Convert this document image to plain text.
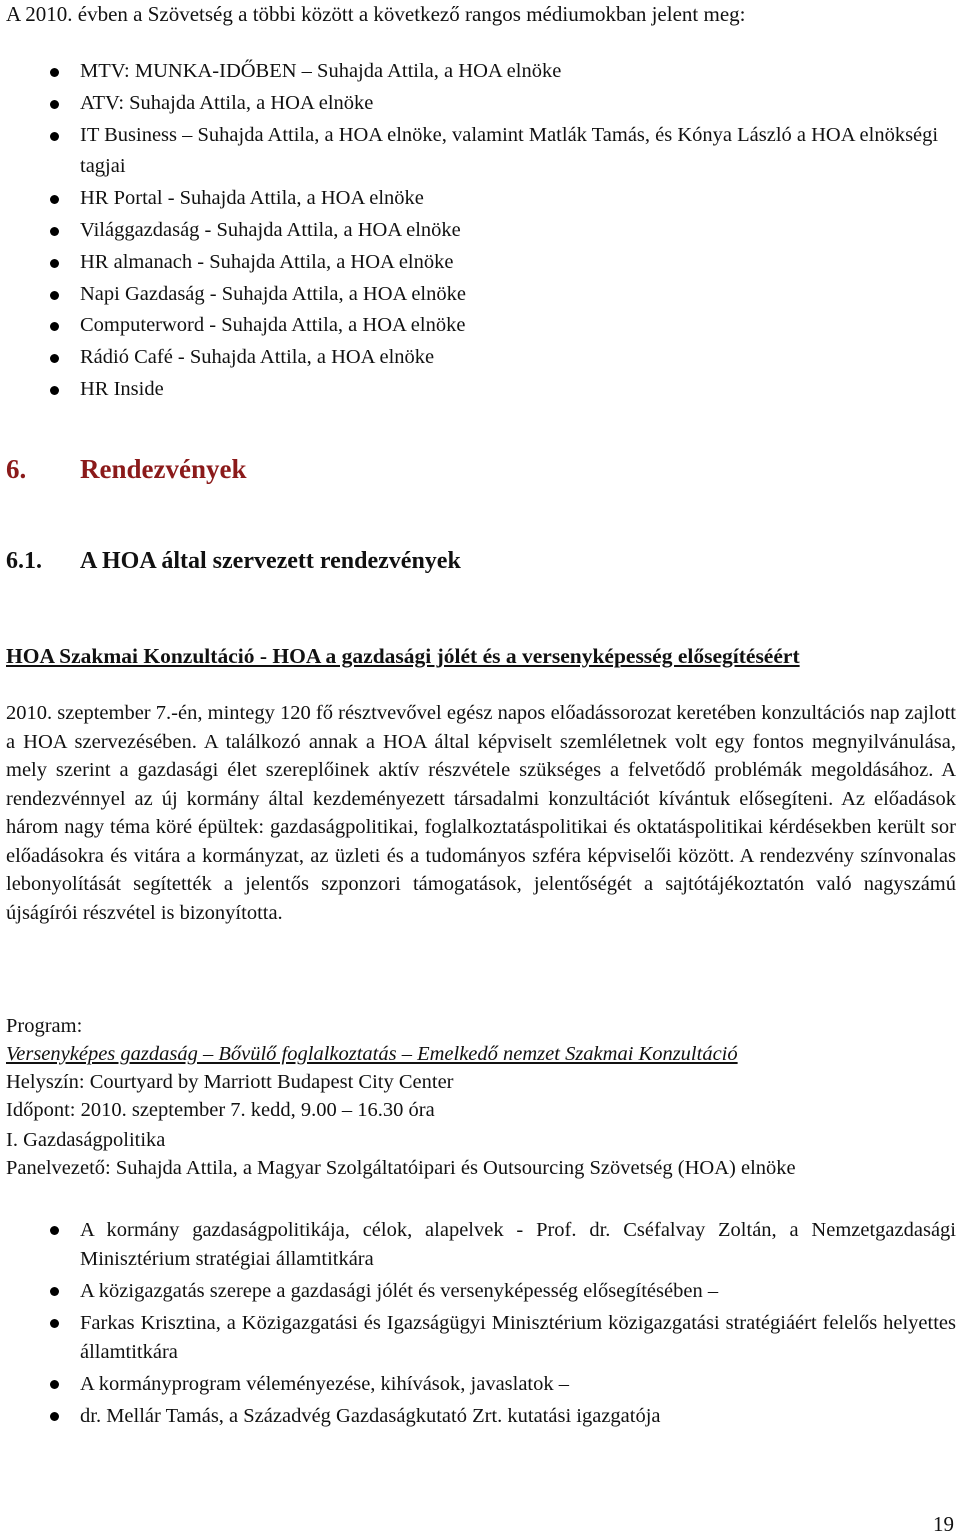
A 2010. évben a Szövetség a többi között a következő rangos médiumokban jelent meg:
MTV: MUNKA-IDŐBEN – Suhajda Attila, a HOA elnöke
ATV: Suhajda Attila, a HOA elnöke
IT Business – Suhajda Attila, a HOA elnöke, valamint Matlák Tamás, és Kónya László a HOA elnökségi tagjai
HR Portal - Suhajda Attila, a HOA elnöke
Világgazdaság - Suhajda Attila, a HOA elnöke
HR almanach - Suhajda Attila, a HOA elnöke
Napi Gazdaság - Suhajda Attila, a HOA elnöke
Computerword - Suhajda Attila, a HOA elnöke
Rádió Café - Suhajda Attila, a HOA elnöke
HR Inside
6. Rendezvények
6.1. A HOA által szervezett rendezvények
HOA Szakmai Konzultáció - HOA a gazdasági jólét és a versenyképesség elősegítéséért
2010. szeptember 7.-én, mintegy 120 fő résztvevővel egész napos előadássorozat keretében konzultációs nap zajlott a HOA szervezésében. A találkozó annak a HOA által képviselt szemléletnek volt egy fontos megnyilvánulása, mely szerint a gazdasági élet szereplőinek aktív részvétele szükséges a felvetődő problémák megoldásához. A rendezvénnyel az új kormány által kezdeményezett társadalmi konzultációt kívántuk elősegíteni. Az előadások három nagy téma köré épültek: gazdaságpolitikai, foglalkoztatáspolitikai és oktatáspolitikai kérdésekben került sor előadásokra és vitára a kormányzat, az üzleti és a tudományos szféra képviselői között. A rendezvény színvonalas lebonyolítását segítették a jelentős szponzori támogatások, jelentőségét a sajtótájékoztatón való nagyszámú újságírói részvétel is bizonyította.
Program:
Versenyképes gazdaság – Bővülő foglalkoztatás – Emelkedő nemzet Szakmai Konzultáció
Helyszín: Courtyard by Marriott Budapest City Center
Időpont: 2010. szeptember 7. kedd, 9.00 – 16.30 óra
I. Gazdaságpolitika
Panelvezető: Suhajda Attila, a Magyar Szolgáltatóipari és Outsourcing Szövetség (HOA) elnöke
A kormány gazdaságpolitikája, célok, alapelvek - Prof. dr. Cséfalvay Zoltán, a Nemzetgazdasági Minisztérium stratégiai államtitkára
A közigazgatás szerepe a gazdasági jólét és versenyképesség elősegítésében –
Farkas Krisztina, a Közigazgatási és Igazságügyi Minisztérium közigazgatási stratégiáért felelős helyettes államtitkára
A kormányprogram véleményezése, kihívások, javaslatok –
dr. Mellár Tamás, a Századvég Gazdaságkutató Zrt. kutatási igazgatója
19
